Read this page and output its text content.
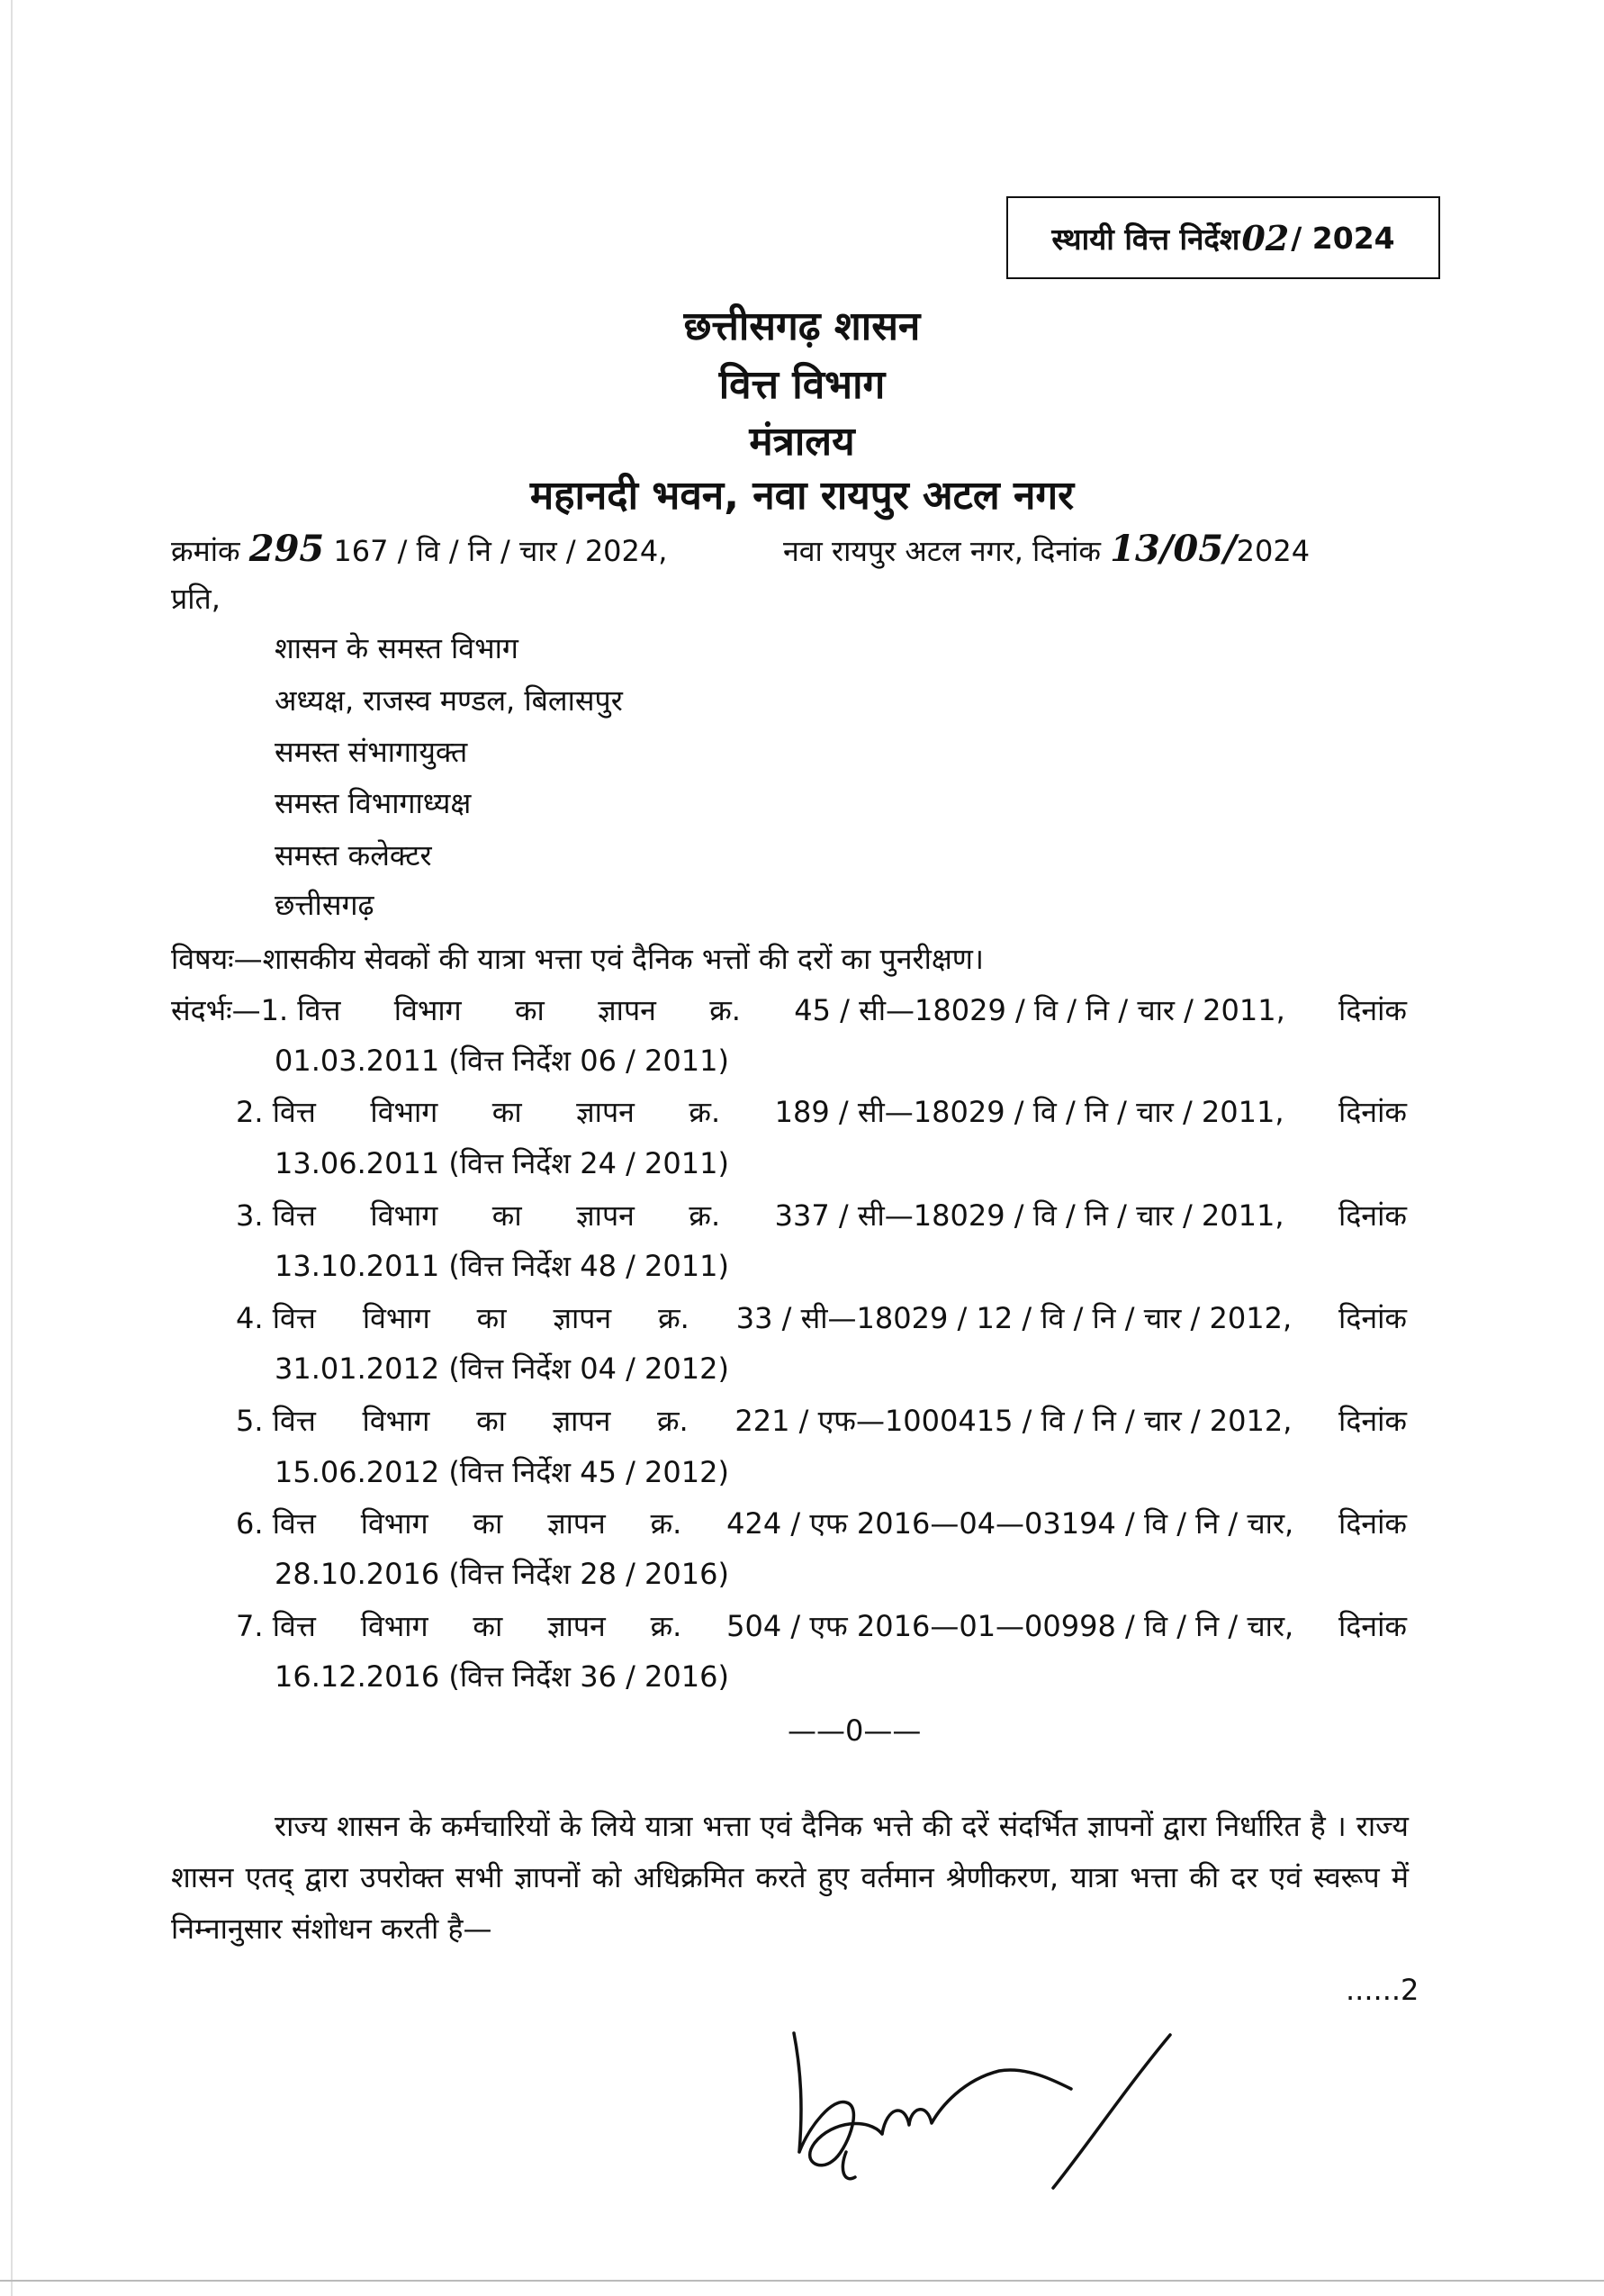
स्थायी वित्त निर्देश 02 / 2024
छत्तीसगढ़ शासन
वित्त विभाग
मंत्रालय
महानदी भवन, नवा रायपुर अटल नगर
क्रमांक 295 167 / वि / नि / चार / 2024,	नवा रायपुर अटल नगर, दिनांक 13/05/2024
प्रति,
शासन के समस्त विभाग
अध्यक्ष, राजस्व मण्डल, बिलासपुर
समस्त संभागायुक्त
समस्त विभागाध्यक्ष
समस्त कलेक्टर
छत्तीसगढ़
विषयः—शासकीय सेवकों की यात्रा भत्ता एवं दैनिक भत्तों की दरों का पुनरीक्षण।
संदर्भः—1. वित्त विभाग का ज्ञापन क्र. 45 / सी—18029 / वि / नि / चार / 2011, दिनांक
01.03.2011 (वित्त निर्देश 06 / 2011)
2. वित्त विभाग का ज्ञापन क्र. 189 / सी—18029 / वि / नि / चार / 2011, दिनांक
13.06.2011 (वित्त निर्देश 24 / 2011)
3. वित्त विभाग का ज्ञापन क्र. 337 / सी—18029 / वि / नि / चार / 2011, दिनांक
13.10.2011 (वित्त निर्देश 48 / 2011)
4. वित्त विभाग का ज्ञापन क्र. 33 / सी—18029 / 12 / वि / नि / चार / 2012, दिनांक
31.01.2012 (वित्त निर्देश 04 / 2012)
5. वित्त विभाग का ज्ञापन क्र. 221 / एफ—1000415 / वि / नि / चार / 2012, दिनांक
15.06.2012 (वित्त निर्देश 45 / 2012)
6. वित्त विभाग का ज्ञापन क्र. 424 / एफ 2016—04—03194 / वि / नि / चार, दिनांक
28.10.2016 (वित्त निर्देश 28 / 2016)
7. वित्त विभाग का ज्ञापन क्र. 504 / एफ 2016—01—00998 / वि / नि / चार, दिनांक
16.12.2016 (वित्त निर्देश 36 / 2016)
——0——
राज्य शासन के कर्मचारियों के लिये यात्रा भत्ता एवं दैनिक भत्ते की दरें संदर्भित ज्ञापनों द्वारा निर्धारित है । राज्य शासन एतद् द्वारा उपरोक्त सभी ज्ञापनों को अधिक्रमित करते हुए वर्तमान श्रेणीकरण, यात्रा भत्ता की दर एवं स्वरूप में निम्नानुसार संशोधन करती है—
......2
